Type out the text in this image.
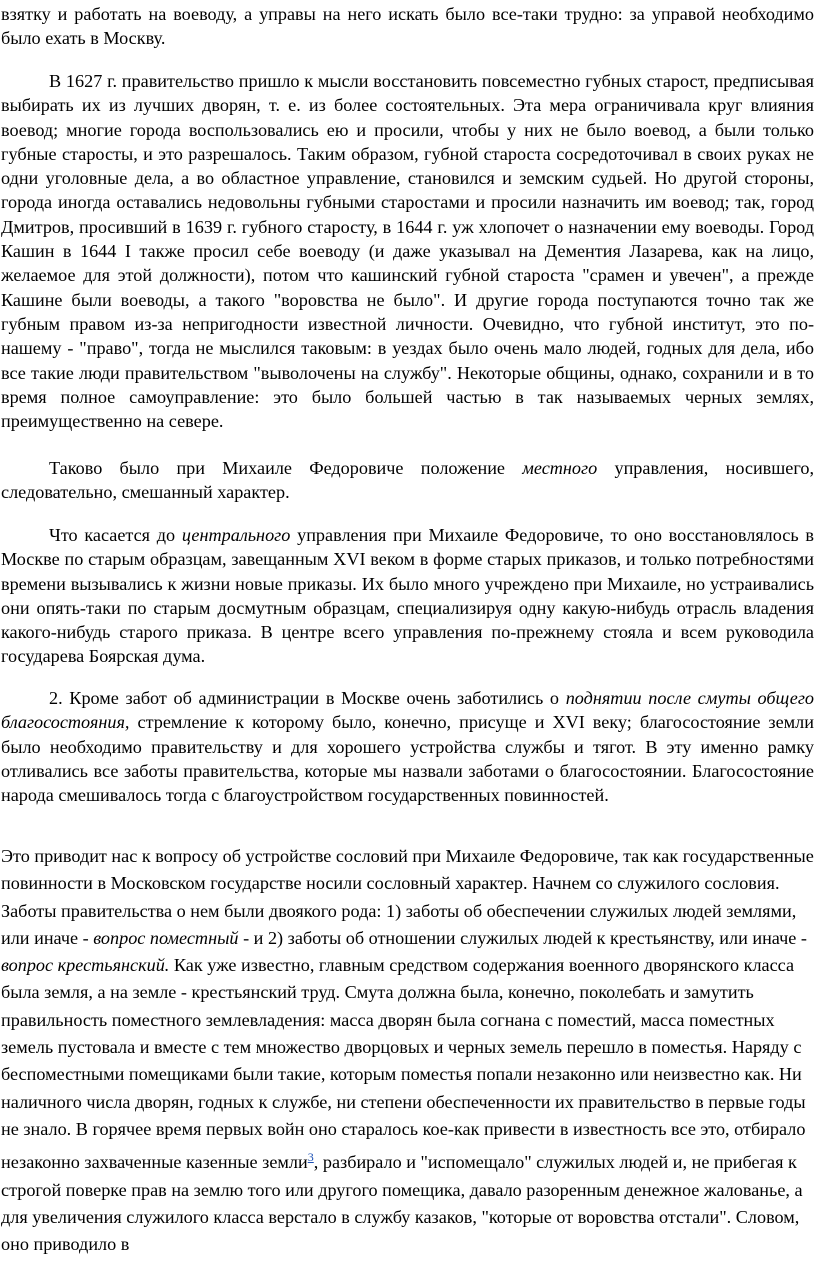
взятку и работать на воеводу, а управы на него искать было все-таки трудно: за управой необходимо было ехать в Москву.

В 1627 г. правительство пришло к мысли восстановить повсеместно губных старост, предписывая выбирать их из лучших дворян, т. е. из более состоятельных. Эта мера ограничивала круг влияния воевод; многие города воспользовались ею и просили, чтобы у них не было воевод, а были только губные старосты, и это разрешалось. Таким образом, губной староста сосредоточивал в своих руках не одни уголовные дела, а во областное управление, становился и земским судьей. Но другой стороны, города иногда оставались недовольны губными старостами и просили назначить им воевод; так, город Дмитров, просивший в 1639 г. губного старосту, в 1644 г. уж хлопочет о назначении ему воеводы. Город Кашин в 1644 I также просил себе воеводу (и даже указывал на Дементия Лазарева, как на лицо, желаемое для этой должности), потом что кашинский губной староста "срамен и увечен", а прежде Кашине были воеводы, а такого "воровства не было". И другие города поступаются точно так же губным правом из-за непригодности известной личности. Очевидно, что губной институт, это по-нашему - "право", тогда не мыслился таковым: в уездах было очень мало людей, годных для дела, ибо все такие люди правительством "выволочены на службу". Некоторые общины, однако, сохранили и в то время полное самоуправление: это было большей частью в так называемых черных землях, преимущественно на севере.

Таково было при Михаиле Федоровиче положение местного управления, носившего, следовательно, смешанный характер.

Что касается до центрального управления при Михаиле Федоровиче, то оно восстановлялось в Москве по старым образцам, завещанным XVI веком в форме старых приказов, и только потребностями времени вызывались к жизни новые приказы. Их было много учреждено при Михаиле, но устраивались они опять-таки по старым досмутным образцам, специализируя одну какую-нибудь отрасль владения какого-нибудь старого приказа. В центре всего управления по-прежнему стояла и всем руководила государева Боярская дума.

2. Кроме забот об администрации в Москве очень заботились о поднятии после смуты общего благосостояния, стремление к которому было, конечно, присуще и XVI веку; благосостояние земли было необходимо правительству и для хорошего устройства службы и тягот. В эту именно рамку отливались все заботы правительства, которые мы назвали заботами о благосостоянии. Благосостояние народа смешивалось тогда с благоустройством государственных повинностей.

Это приводит нас к вопросу об устройстве сословий при Михаиле Федоровиче, так как государственные повинности в Московском государстве носили сословный характер. Начнем со служилого сословия. Заботы правительства о нем были двоякого рода: 1) заботы об обеспечении служилых людей землями, или иначе - вопрос поместный - и 2) заботы об отношении служилых людей к крестьянству, или иначе - вопрос крестьянский. Как уже известно, главным средством содержания военного дворянского класса была земля, а на земле - крестьянский труд. Смута должна была, конечно, поколебать и замутить правильность поместного землевладения: масса дворян была согнана с поместий, масса поместных земель пустовала и вместе с тем множество дворцовых и черных земель перешло в поместья. Наряду с беспоместными помещиками были такие, которым поместья попали незаконно или неизвестно как. Ни наличного числа дворян, годных к службе, ни степени обеспеченности их правительство в первые годы не знало. В горячее время первых войн оно старалось кое-как привести в известность все это, отбирало незаконно захваченные казенные земли$^3$, разбирало и "испомещало" служилых людей и, не прибегая к строгой поверке прав на землю того или другого помещика, давало разоренным денежное жалованье, а для увеличения служилого класса верстало в службу казаков, "которые от воровства отстали". Словом, оно приводило в
